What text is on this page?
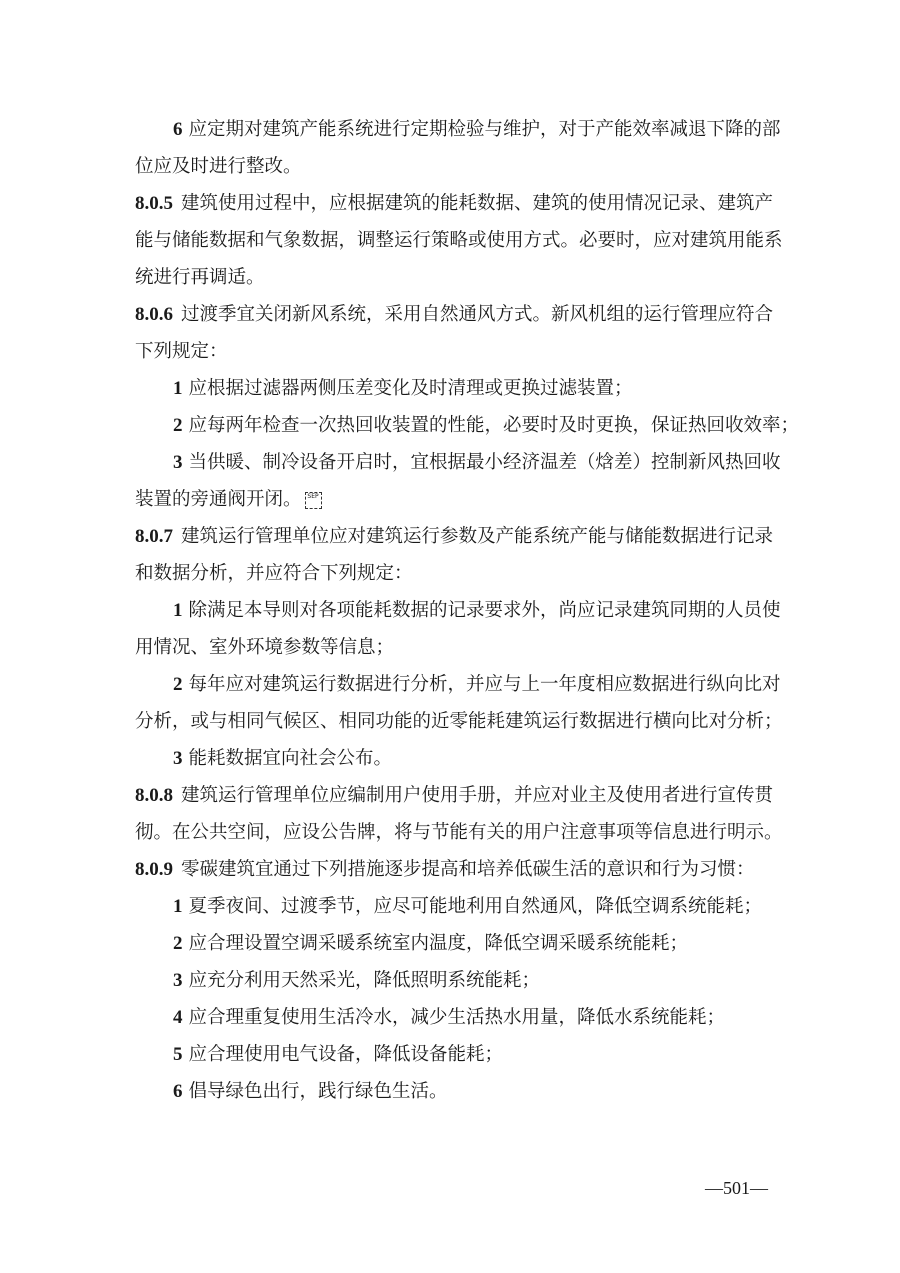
6 应定期对建筑产能系统进行定期检验与维护，对于产能效率减退下降的部
位应及时进行整改。
8.0.5 建筑使用过程中，应根据建筑的能耗数据、建筑的使用情况记录、建筑产
能与储能数据和气象数据，调整运行策略或使用方式。必要时，应对建筑用能系
统进行再调适。
8.0.6 过渡季宜关闭新风系统，采用自然通风方式。新风机组的运行管理应符合
下列规定：
1 应根据过滤器两侧压差变化及时清理或更换过滤装置；
2 应每两年检查一次热回收装置的性能，必要时及时更换，保证热回收效率；
3 当供暖、制冷设备开启时，宜根据最小经济温差（焓差）控制新风热回收
装置的旁通阀开闭。 SEP
8.0.7 建筑运行管理单位应对建筑运行参数及产能系统产能与储能数据进行记录
和数据分析，并应符合下列规定：
1 除满足本导则对各项能耗数据的记录要求外，尚应记录建筑同期的人员使
用情况、室外环境参数等信息；
2 每年应对建筑运行数据进行分析，并应与上一年度相应数据进行纵向比对
分析，或与相同气候区、相同功能的近零能耗建筑运行数据进行横向比对分析；
3 能耗数据宜向社会公布。
8.0.8 建筑运行管理单位应编制用户使用手册，并应对业主及使用者进行宣传贯
彻。在公共空间，应设公告牌，将与节能有关的用户注意事项等信息进行明示。
8.0.9 零碳建筑宜通过下列措施逐步提高和培养低碳生活的意识和行为习惯：
1 夏季夜间、过渡季节，应尽可能地利用自然通风，降低空调系统能耗；
2 应合理设置空调采暖系统室内温度，降低空调采暖系统能耗；
3 应充分利用天然采光，降低照明系统能耗；
4 应合理重复使用生活冷水，减少生活热水用量，降低水系统能耗；
5 应合理使用电气设备，降低设备能耗；
6 倡导绿色出行，践行绿色生活。
—501—
